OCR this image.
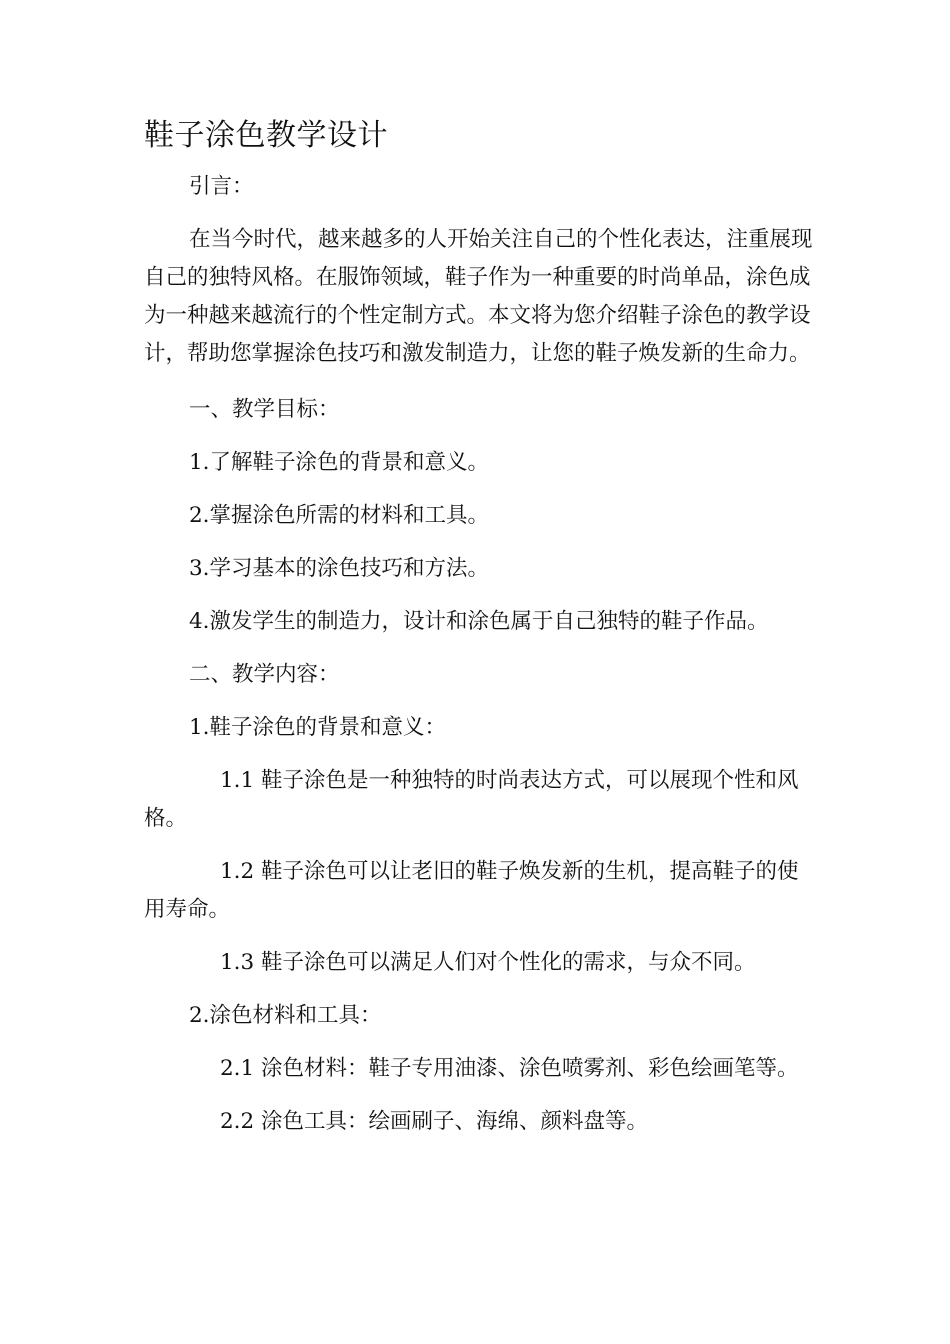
鞋子涂色教学设计

引言：

在当今时代，越来越多的人开始关注自己的个性化表达，注重展现自己的独特风格。在服饰领域，鞋子作为一种重要的时尚单品，涂色成为一种越来越流行的个性定制方式。本文将为您介绍鞋子涂色的教学设计，帮助您掌握涂色技巧和激发制造力，让您的鞋子焕发新的生命力。

一、教学目标：

1.了解鞋子涂色的背景和意义。

2.掌握涂色所需的材料和工具。

3.学习基本的涂色技巧和方法。

4.激发学生的制造力，设计和涂色属于自己独特的鞋子作品。

二、教学内容：

1.鞋子涂色的背景和意义：

1.1 鞋子涂色是一种独特的时尚表达方式，可以展现个性和风格。

1.2 鞋子涂色可以让老旧的鞋子焕发新的生机，提高鞋子的使用寿命。

1.3 鞋子涂色可以满足人们对个性化的需求，与众不同。

2.涂色材料和工具：

2.1 涂色材料：鞋子专用油漆、涂色喷雾剂、彩色绘画笔等。

2.2 涂色工具：绘画刷子、海绵、颜料盘等。
